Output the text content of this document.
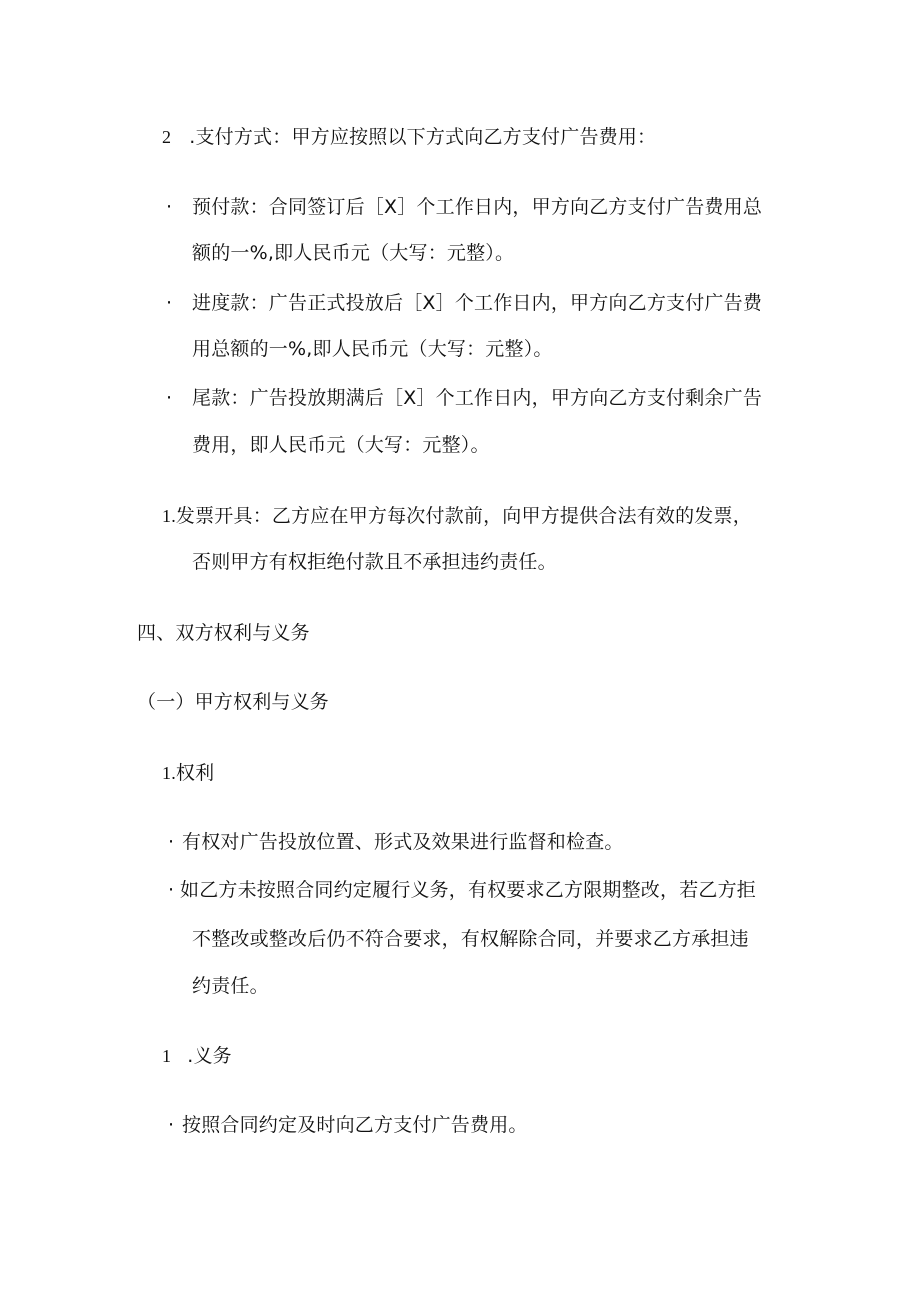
2 .支付方式：甲方应按照以下方式向乙方支付广告费用：
· 预付款：合同签订后［X］个工作日内，甲方向乙方支付广告费用总
额的一%,即人民币元（大写：元整）。
· 进度款：广告正式投放后［X］个工作日内，甲方向乙方支付广告费
用总额的一%,即人民币元（大写：元整）。
· 尾款：广告投放期满后［X］个工作日内，甲方向乙方支付剩余广告
费用，即人民币元（大写：元整）。
1.发票开具：乙方应在甲方每次付款前，向甲方提供合法有效的发票，
否则甲方有权拒绝付款且不承担违约责任。
四、双方权利与义务
（一）甲方权利与义务
1.权利
· 有权对广告投放位置、形式及效果进行监督和检查。
· 如乙方未按照合同约定履行义务，有权要求乙方限期整改，若乙方拒
不整改或整改后仍不符合要求，有权解除合同，并要求乙方承担违
约责任。
1 .义务
· 按照合同约定及时向乙方支付广告费用。
